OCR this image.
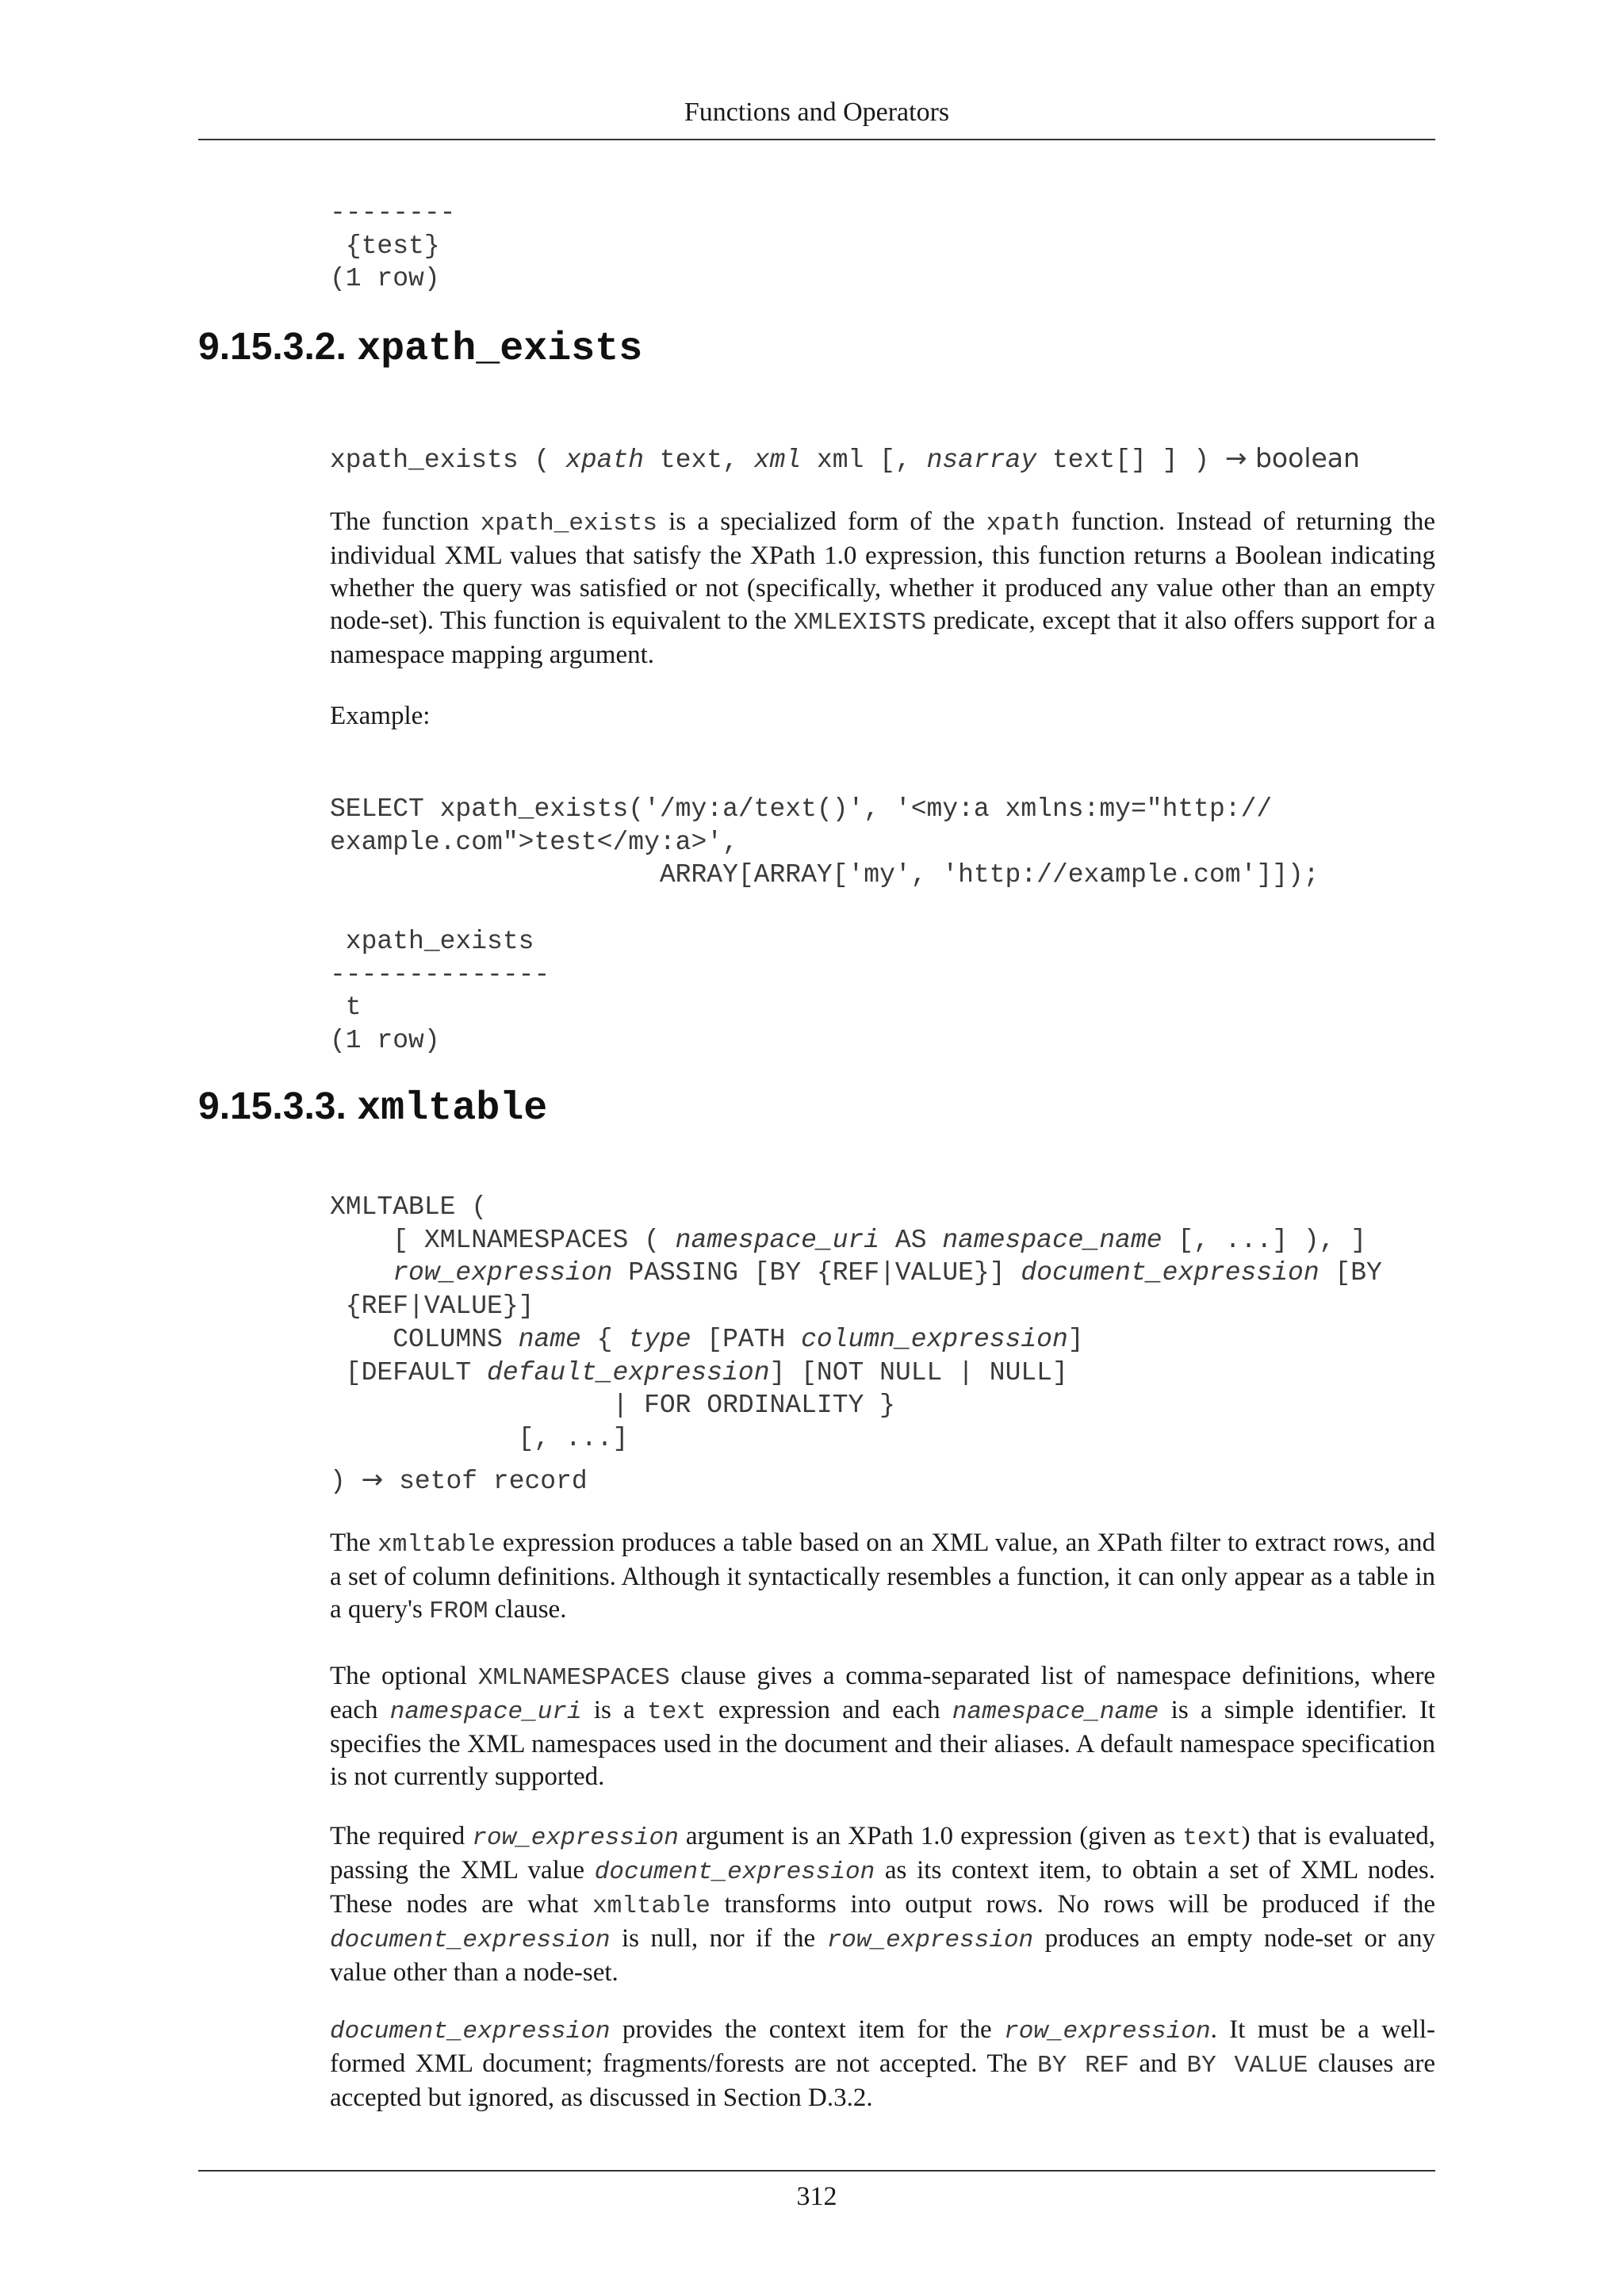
Functions and Operators
--------
{test}
(1 row)
9.15.3.2. xpath_exists
xpath_exists ( xpath text, xml xml [, nsarray text[] ] ) → boolean

The function xpath_exists is a specialized form of the xpath function. Instead of returning the individual XML values that satisfy the XPath 1.0 expression, this function returns a Boolean indicating whether the query was satisfied or not (specifically, whether it produced any value other than an empty node-set). This function is equivalent to the XMLEXISTS predicate, except that it also offers support for a namespace mapping argument.

Example:

SELECT xpath_exists('/my:a/text()', '<my:a xmlns:my="http://
example.com">test</my:a>',
ARRAY[ARRAY['my', 'http://example.com']]);

xpath_exists
--------------
t
(1 row)
9.15.3.3. xmltable
XMLTABLE (
[ XMLNAMESPACES ( namespace_uri AS namespace_name [, ...] ), ]
row_expression PASSING [BY {REF|VALUE}] document_expression [BY
{REF|VALUE}]
COLUMNS name { type [PATH column_expression]
[DEFAULT default_expression] [NOT NULL | NULL]
| FOR ORDINALITY }
[, ...]
) → setof record

The xmltable expression produces a table based on an XML value, an XPath filter to extract rows, and a set of column definitions. Although it syntactically resembles a function, it can only appear as a table in a query's FROM clause.

The optional XMLNAMESPACES clause gives a comma-separated list of namespace definitions, where each namespace_uri is a text expression and each namespace_name is a simple identifier. It specifies the XML namespaces used in the document and their aliases. A default namespace specification is not currently supported.

The required row_expression argument is an XPath 1.0 expression (given as text) that is evaluated, passing the XML value document_expression as its context item, to obtain a set of XML nodes. These nodes are what xmltable transforms into output rows. No rows will be produced if the document_expression is null, nor if the row_expression produces an empty node-set or any value other than a node-set.

document_expression provides the context item for the row_expression. It must be a well-formed XML document; fragments/forests are not accepted. The BY REF and BY VALUE clauses are accepted but ignored, as discussed in Section D.3.2.

312
